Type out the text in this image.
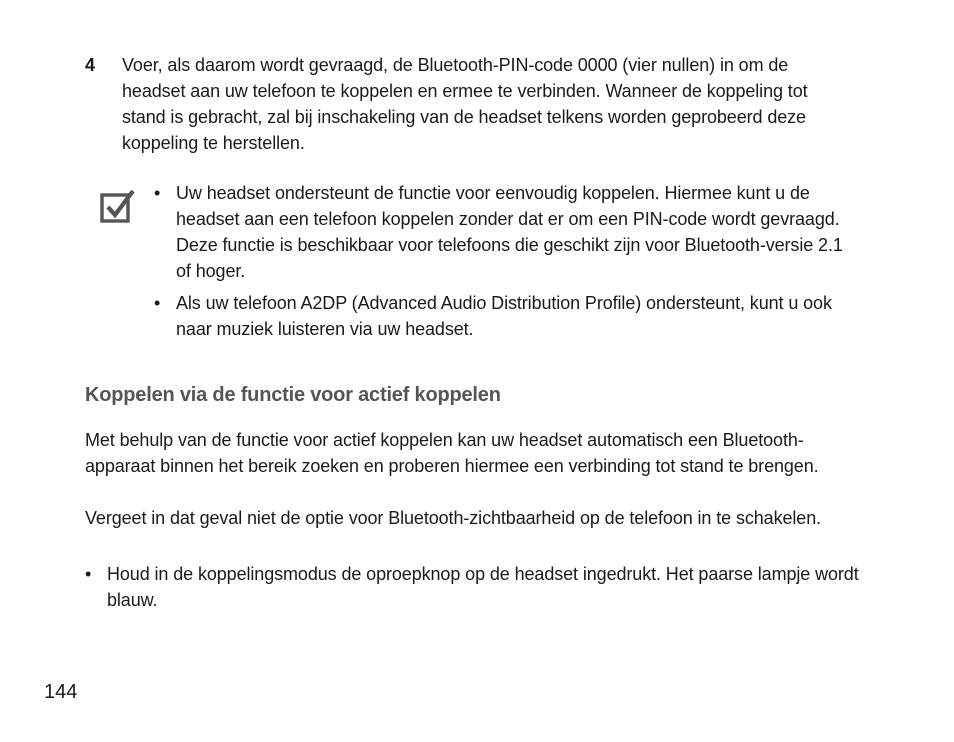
4 Voer, als daarom wordt gevraagd, de Bluetooth-PIN-code 0000 (vier nullen) in om de headset aan uw telefoon te koppelen en ermee te verbinden. Wanneer de koppeling tot stand is gebracht, zal bij inschakeling van de headset telkens worden geprobeerd deze koppeling te herstellen.
• Uw headset ondersteunt de functie voor eenvoudig koppelen. Hiermee kunt u de headset aan een telefoon koppelen zonder dat er om een PIN-code wordt gevraagd. Deze functie is beschikbaar voor telefoons die geschikt zijn voor Bluetooth-versie 2.1 of hoger.
• Als uw telefoon A2DP (Advanced Audio Distribution Profile) ondersteunt, kunt u ook naar muziek luisteren via uw headset.
Koppelen via de functie voor actief koppelen

Met behulp van de functie voor actief koppelen kan uw headset automatisch een Bluetooth-apparaat binnen het bereik zoeken en proberen hiermee een verbinding tot stand te brengen.

Vergeet in dat geval niet de optie voor Bluetooth-zichtbaarheid op de telefoon in te schakelen.

• Houd in de koppelingsmodus de oproepknop op de headset ingedrukt. Het paarse lampje wordt blauw.
144
